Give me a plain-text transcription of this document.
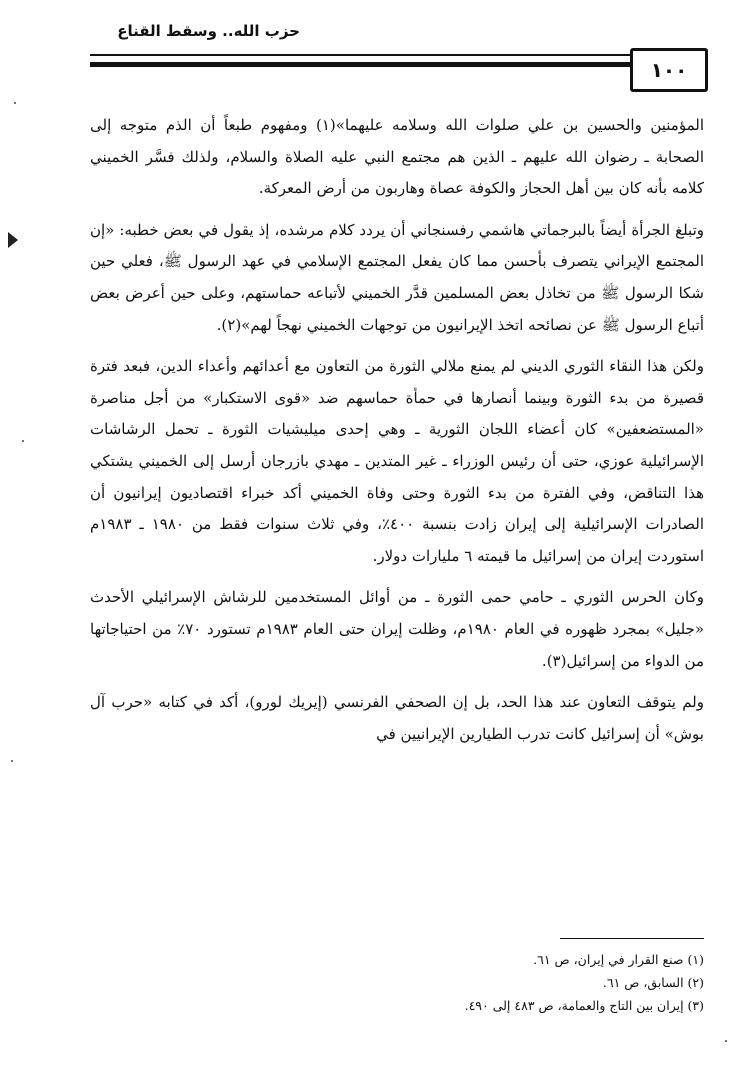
حزب الله.. وسقط القناع
١٠٠

المؤمنين والحسين بن علي صلوات الله وسلامه عليهما»(١) ومفهوم طبعاً أن الذم متوجه إلى الصحابة ـ رضوان الله عليهم ـ الذين هم مجتمع النبي عليه الصلاة والسلام، ولذلك فسَّر الخميني كلامه بأنه كان بين أهل الحجاز والكوفة عصاة وهاربون من أرض المعركة.

وتبلغ الجرأة أيضاً بالبرجماتي هاشمي رفسنجاني أن يردد كلام مرشده، إذ يقول في بعض خطبه: «إن المجتمع الإيراني يتصرف بأحسن مما كان يفعل المجتمع الإسلامي في عهد الرسول ﷺ، فعلي حين شكا الرسول ﷺ من تخاذل بعض المسلمين قدَّر الخميني لأتباعه حماستهم، وعلى حين أعرض بعض أتباع الرسول ﷺ عن نصائحه اتخذ الإيرانيون من توجهات الخميني نهجاً لهم»(٢).

ولكن هذا النقاء الثوري الديني لم يمنع ملالي الثورة من التعاون مع أعدائهم وأعداء الدين، فبعد فترة قصيرة من بدء الثورة وبينما أنصارها في حمأة حماسهم ضد «قوى الاستكبار» من أجل مناصرة «المستضعفين» كان أعضاء اللجان الثورية ـ وهي إحدى ميليشيات الثورة ـ تحمل الرشاشات الإسرائيلية عوزي، حتى أن رئيس الوزراء ـ غير المتدين ـ مهدي بازرجان أرسل إلى الخميني يشتكي هذا التناقض، وفي الفترة من بدء الثورة وحتى وفاة الخميني أكد خبراء اقتصاديون إيرانيون أن الصادرات الإسرائيلية إلى إيران زادت بنسبة ٤٠٠٪، وفي ثلاث سنوات فقط من ١٩٨٠ ـ ١٩٨٣م استوردت إيران من إسرائيل ما قيمته ٦ مليارات دولار.

وكان الحرس الثوري ـ حامي حمى الثورة ـ من أوائل المستخدمين للرشاش الإسرائيلي الأحدث «جليل» بمجرد ظهوره في العام ١٩٨٠م، وظلت إيران حتى العام ١٩٨٣م تستورد ٧٠٪ من احتياجاتها من الدواء من إسرائيل(٣).

ولم يتوقف التعاون عند هذا الحد، بل إن الصحفي الفرنسي (إيريك لورو)، أكد في كتابه «حرب آل بوش» أن إسرائيل كانت تدرب الطيارين الإيرانيين في

(١) صنع القرار في إيران، ص ٦١.

(٢) السابق، ص ٦١.

(٣) إيران بين التاج والعمامة، ص ٤٨٣ إلى ٤٩٠.
